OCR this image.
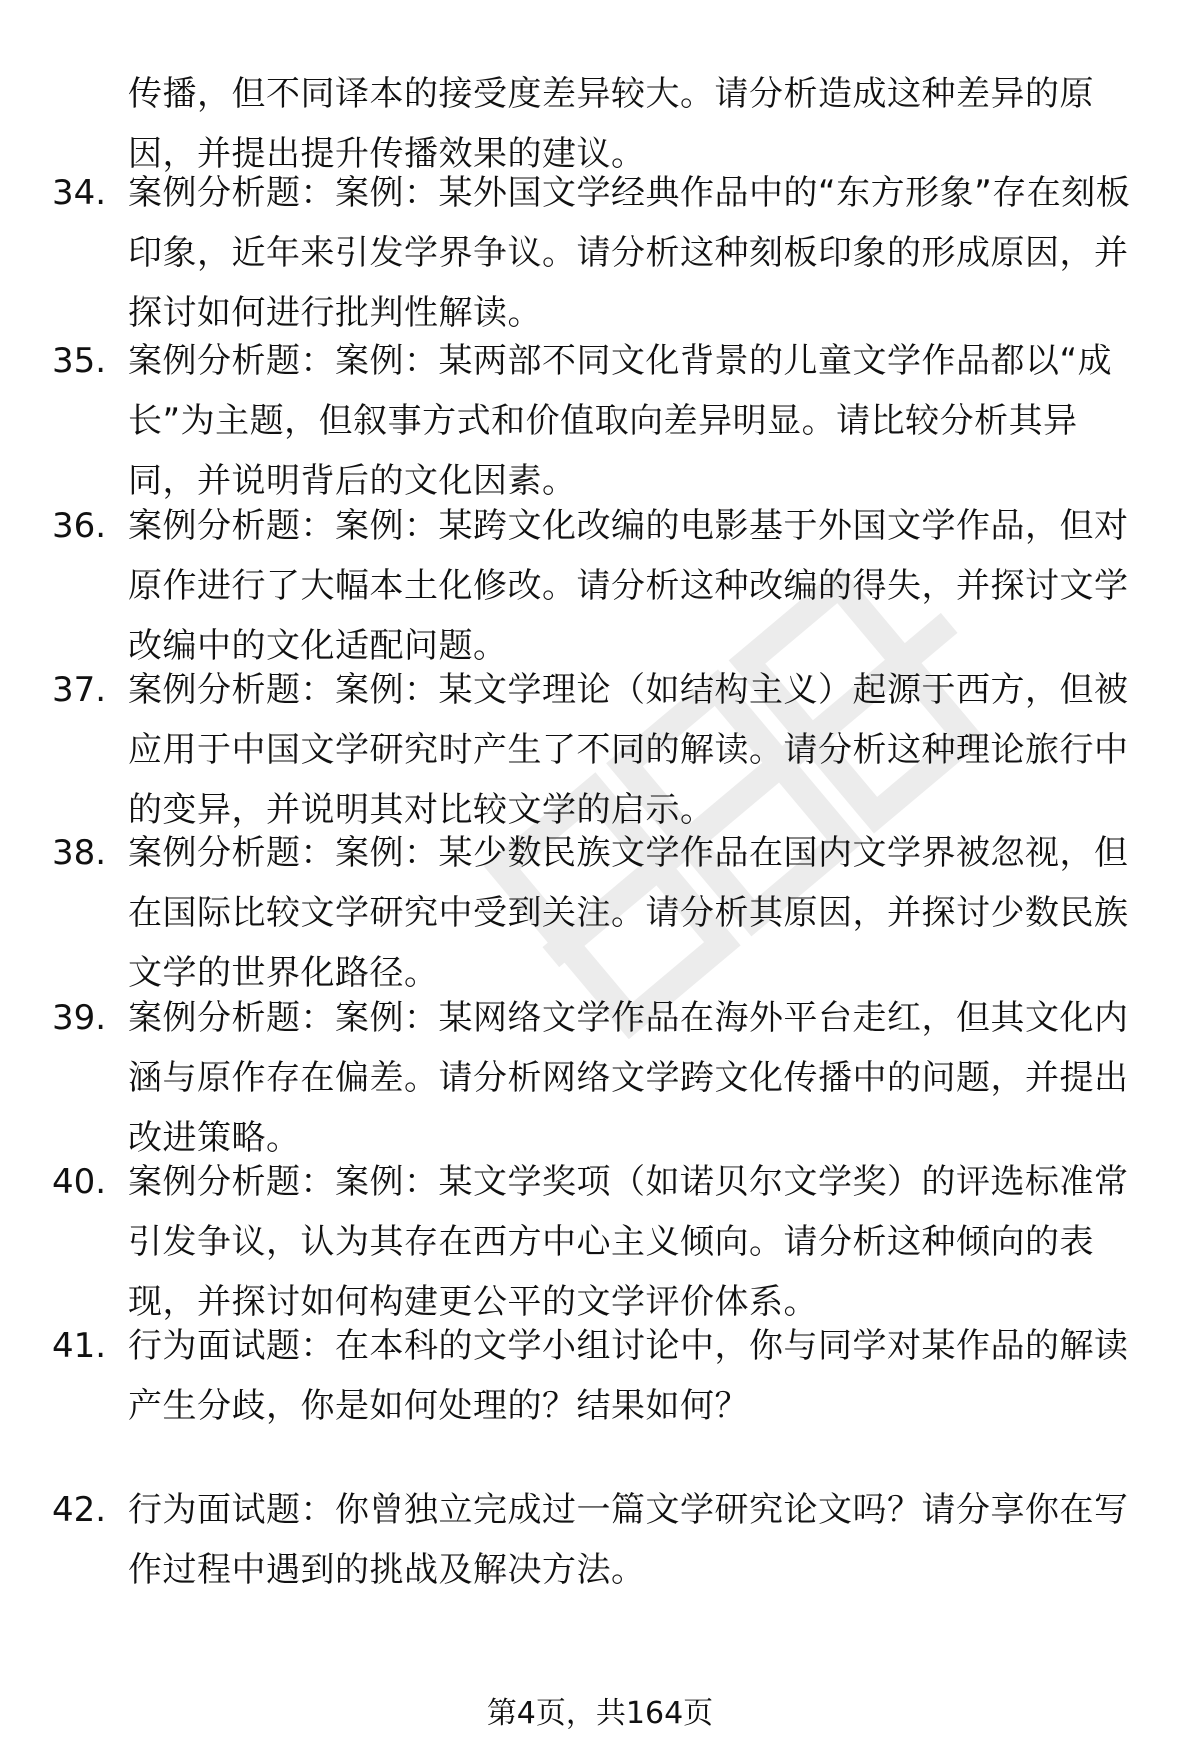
传播，但不同译本的接受度差异较大。请分析造成这种差异的原因，并提出提升传播效果的建议。
34. 案例分析题：案例：某外国文学经典作品中的“东方形象”存在刻板印象，近年来引发学界争议。请分析这种刻板印象的形成原因，并探讨如何进行批判性解读。
35. 案例分析题：案例：某两部不同文化背景的儿童文学作品都以“成长”为主题，但叙事方式和价值取向差异明显。请比较分析其异同，并说明背后的文化因素。
36. 案例分析题：案例：某跨文化改编的电影基于外国文学作品，但对原作进行了大幅本土化修改。请分析这种改编的得失，并探讨文学改编中的文化适配问题。
37. 案例分析题：案例：某文学理论（如结构主义）起源于西方，但被应用于中国文学研究时产生了不同的解读。请分析这种理论旅行中的变异，并说明其对比较文学的启示。
38. 案例分析题：案例：某少数民族文学作品在国内文学界被忽视，但在国际比较文学研究中受到关注。请分析其原因，并探讨少数民族文学的世界化路径。
39. 案例分析题：案例：某网络文学作品在海外平台走红，但其文化内涵与原作存在偏差。请分析网络文学跨文化传播中的问题，并提出改进策略。
40. 案例分析题：案例：某文学奖项（如诺贝尔文学奖）的评选标准常引发争议，认为其存在西方中心主义倾向。请分析这种倾向的表现，并探讨如何构建更公平的文学评价体系。
41. 行为面试题：在本科的文学小组讨论中，你与同学对某作品的解读产生分歧，你是如何处理的？结果如何？
42. 行为面试题：你曾独立完成过一篇文学研究论文吗？请分享你在写作过程中遇到的挑战及解决方法。
第4页，共164页
